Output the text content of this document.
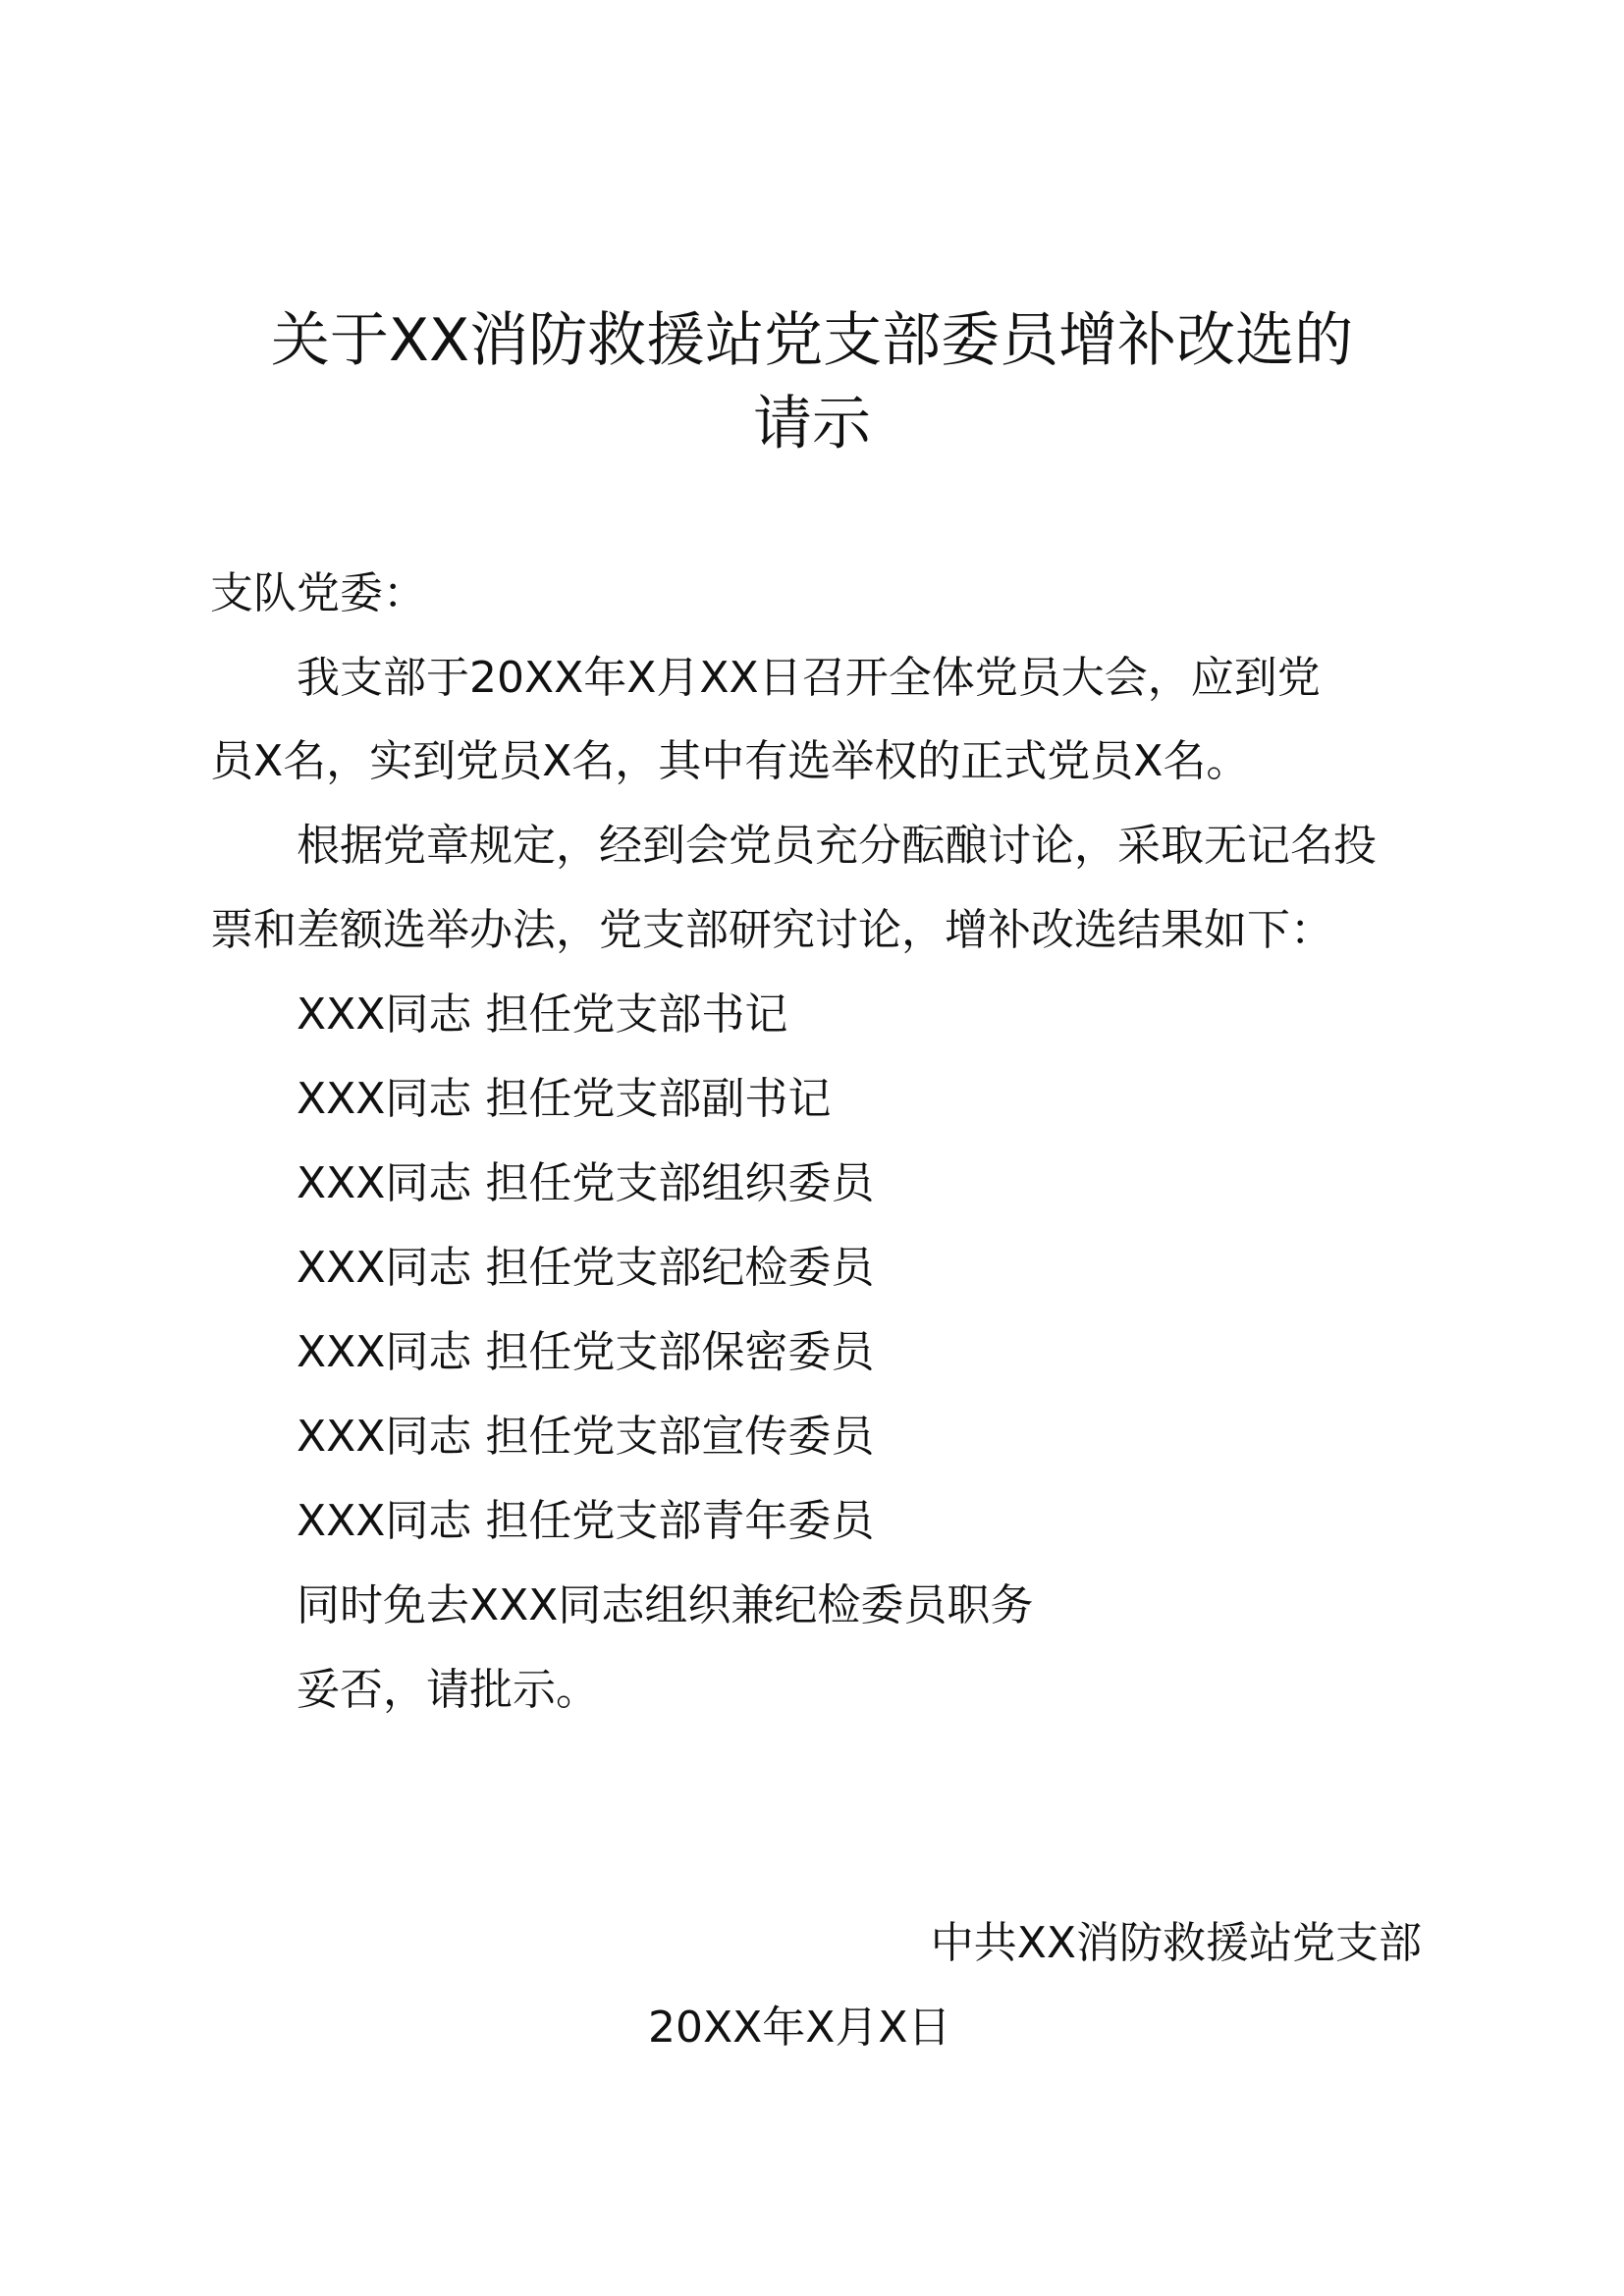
关于XX消防救援站党支部委员增补改选的
请示

支队党委：

我支部于20XX年X月XX日召开全体党员大会，应到党

员X名，实到党员X名，其中有选举权的正式党员X名。

根据党章规定，经到会党员充分酝酿讨论，采取无记名投

票和差额选举办法，党支部研究讨论，增补改选结果如下：

XXX同志 担任党支部书记

XXX同志 担任党支部副书记

XXX同志 担任党支部组织委员

XXX同志 担任党支部纪检委员

XXX同志 担任党支部保密委员

XXX同志 担任党支部宣传委员

XXX同志 担任党支部青年委员

同时免去XXX同志组织兼纪检委员职务

妥否，请批示。

中共XX消防救援站党支部
20XX年X月X日
